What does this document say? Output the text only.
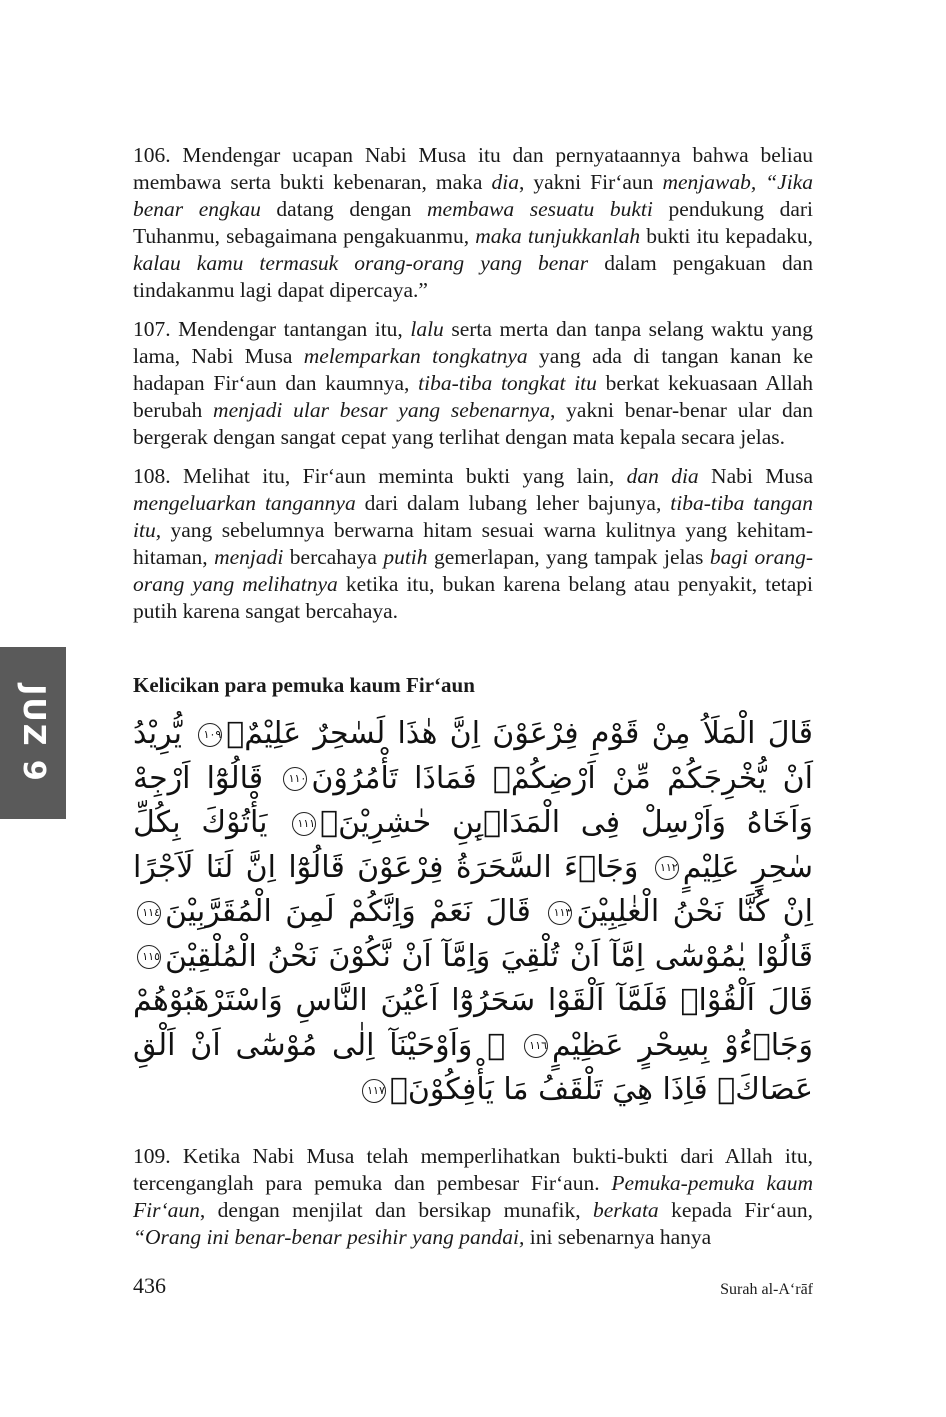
JUZ 9

106. Mendengar ucapan Nabi Musa itu dan pernyataannya bahwa beliau membawa serta bukti kebenaran, maka dia, yakni Fir‘aun menjawab, “Jika benar engkau datang dengan membawa sesuatu bukti pendukung dari Tuhanmu, sebagaimana pengakuanmu, maka tunjukkanlah bukti itu kepadaku, kalau kamu termasuk orang-orang yang benar dalam pengakuan dan tindakanmu lagi dapat dipercaya.”

107. Mendengar tantangan itu, lalu serta merta dan tanpa selang waktu yang lama, Nabi Musa melemparkan tongkatnya yang ada di tangan kanan ke hadapan Fir‘aun dan kaumnya, tiba-tiba tongkat itu berkat kekuasaan Allah berubah menjadi ular besar yang sebenarnya, yakni benar-benar ular dan bergerak dengan sangat cepat yang terlihat dengan mata kepala secara jelas.

108. Melihat itu, Fir‘aun meminta bukti yang lain, dan dia Nabi Musa mengeluarkan tangannya dari dalam lubang leher bajunya, tiba-tiba tangan itu, yang sebelumnya berwarna hitam sesuai warna kulitnya yang kehitam-hitaman, menjadi bercahaya putih gemerlapan, yang tampak jelas bagi orang-orang yang melihatnya ketika itu, bukan karena belang atau penyakit, tetapi putih karena sangat bercahaya.

Kelicikan para pemuka kaum Fir‘aun
قَالَ الْمَلَاُ مِنْ قَوْمِ فِرْعَوْنَ اِنَّ هٰذَا لَسٰحِرٌ عَلِيْمٌۙ١٠٩ يُّرِيْدُ اَنْ يُّخْرِجَكُمْ مِّنْ اَرْضِكُمْۚ فَمَاذَا تَأْمُرُوْنَ١١٠ قَالُوْٓا اَرْجِهْ وَاَخَاهُ وَاَرْسِلْ فِى الْمَدَاۤىِٕنِ حٰشِرِيْنَۙ١١١ يَأْتُوْكَ بِكُلِّ سٰحِرٍ عَلِيْمٍ١١٢ وَجَاۤءَ السَّحَرَةُ فِرْعَوْنَ قَالُوْٓا اِنَّ لَنَا لَاَجْرًا اِنْ كُنَّا نَحْنُ الْغٰلِبِيْنَ١١٣ قَالَ نَعَمْ وَاِنَّكُمْ لَمِنَ الْمُقَرَّبِيْنَ١١٤ قَالُوْا يٰمُوْسٰٓى اِمَّآ اَنْ تُلْقِيَ وَاِمَّآ اَنْ نَّكُوْنَ نَحْنُ الْمُلْقِيْنَ١١٥ قَالَ اَلْقُوْاۚ فَلَمَّآ اَلْقَوْا سَحَرُوْٓا اَعْيُنَ النَّاسِ وَاسْتَرْهَبُوْهُمْ وَجَاۤءُوْ بِسِحْرٍ عَظِيْمٍ١١٦ ۞ وَاَوْحَيْنَآ اِلٰى مُوْسٰٓى اَنْ اَلْقِ عَصَاكَۚ فَاِذَا هِيَ تَلْقَفُ مَا يَأْفِكُوْنَۚ١١٧

109. Ketika Nabi Musa telah memperlihatkan bukti-bukti dari Allah itu, tercenganglah para pemuka dan pembesar Fir‘aun. Pemuka-pemuka kaum Fir‘aun, dengan menjilat dan bersikap munafik, berkata kepada Fir‘aun, “Orang ini benar-benar pesihir yang pandai, ini sebenarnya hanya

436	Surah al-A‘rāf
